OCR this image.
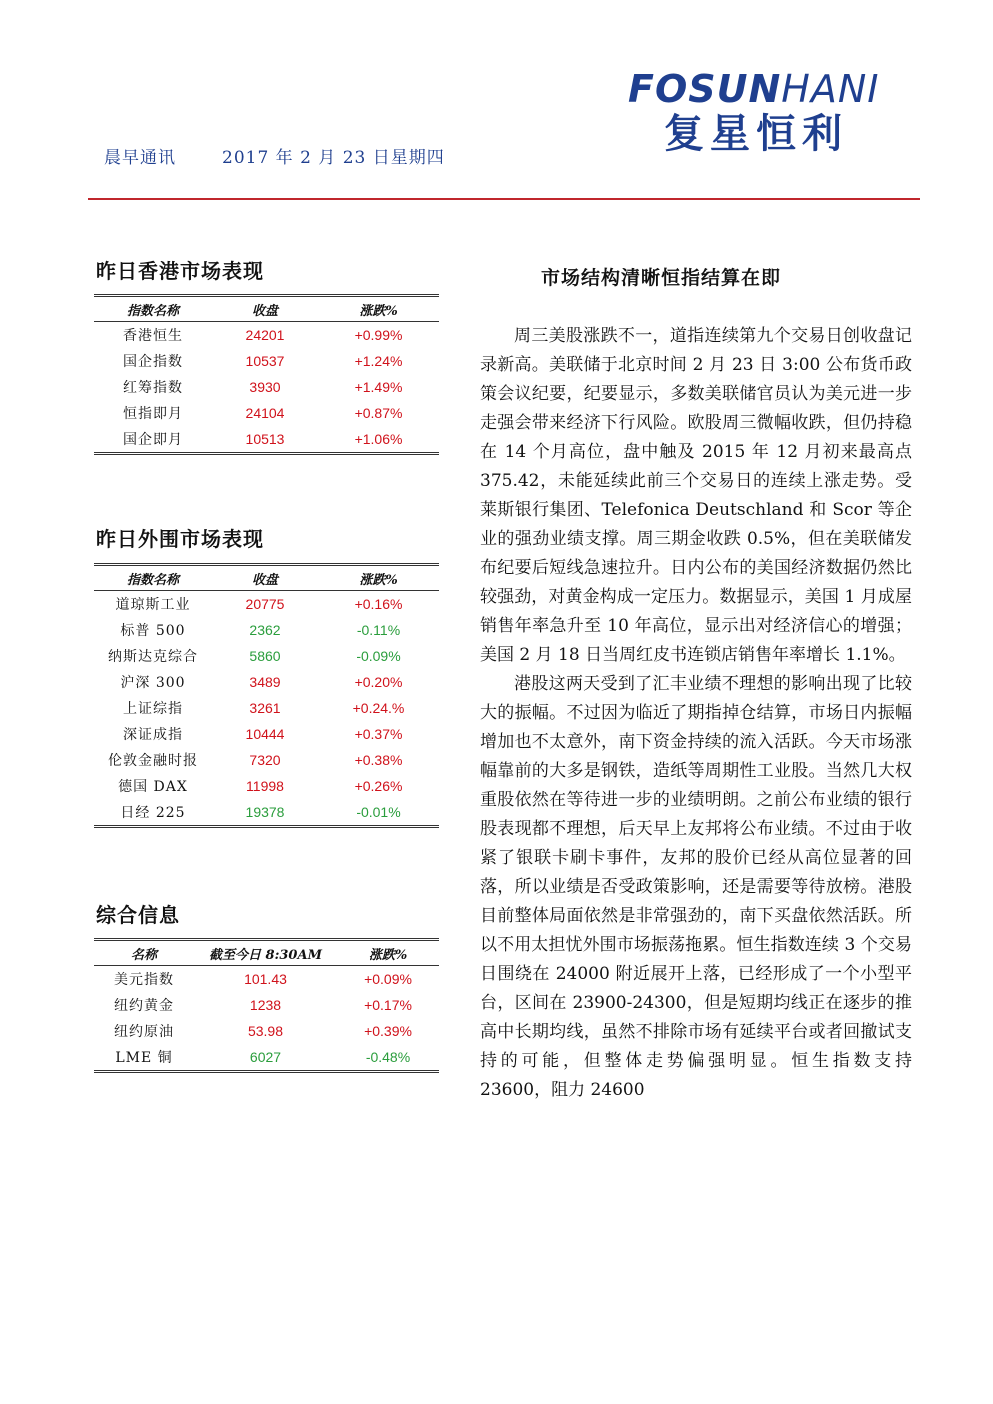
晨早通讯	2017 年 2 月 23 日星期四
FOSUNHANI
复星恒利
昨日香港市场表现
指数名称	收盘	涨跌%
香港恒生	24201	+0.99%
国企指数	10537	+1.24%
红筹指数	3930	+1.49%
恒指即月	24104	+0.87%
国企即月	10513	+1.06%
昨日外围市场表现
指数名称	收盘	涨跌%
道琼斯工业	20775	+0.16%
标普 500	2362	-0.11%
纳斯达克综合	5860	-0.09%
沪深 300	3489	+0.20%
上证综指	3261	+0.24.%
深证成指	10444	+0.37%
伦敦金融时报	7320	+0.38%
德国 DAX	11998	+0.26%
日经 225	19378	-0.01%
综合信息
名称	截至今日 8:30AM	涨跌%
美元指数	101.43	+0.09%
纽约黄金	1238	+0.17%
纽约原油	53.98	+0.39%
LME 铜	6027	-0.48%
市场结构清晰恒指结算在即

周三美股涨跌不一，道指连续第九个交易日创收盘记录新高。美联储于北京时间 2 月 23 日 3:00 公布货币政策会议纪要，纪要显示，多数美联储官员认为美元进一步走强会带来经济下行风险。欧股周三微幅收跌，但仍持稳在 14 个月高位，盘中触及 2015 年 12 月初来最高点 375.42，未能延续此前三个交易日的连续上涨走势。受莱斯银行集团、Telefonica Deutschland 和 Scor 等企业的强劲业绩支撑。周三期金收跌 0.5%，但在美联储发布纪要后短线急速拉升。日内公布的美国经济数据仍然比较强劲，对黄金构成一定压力。数据显示，美国 1 月成屋销售年率急升至 10 年高位，显示出对经济信心的增强；美国 2 月 18 日当周红皮书连锁店销售年率增长 1.1%。

港股这两天受到了汇丰业绩不理想的影响出现了比较大的振幅。不过因为临近了期指掉仓结算，市场日内振幅增加也不太意外，南下资金持续的流入活跃。今天市场涨幅靠前的大多是钢铁，造纸等周期性工业股。当然几大权重股依然在等待进一步的业绩明朗。之前公布业绩的银行股表现都不理想，后天早上友邦将公布业绩。不过由于收紧了银联卡刷卡事件，友邦的股价已经从高位显著的回落，所以业绩是否受政策影响，还是需要等待放榜。港股目前整体局面依然是非常强劲的，南下买盘依然活跃。所以不用太担忧外围市场振荡拖累。恒生指数连续 3 个交易日围绕在 24000 附近展开上落，已经形成了一个小型平台，区间在 23900-24300，但是短期均线正在逐步的推高中长期均线，虽然不排除市场有延续平台或者回撤试支持的可能，但整体走势偏强明显。恒生指数支持 23600，阻力 24600
